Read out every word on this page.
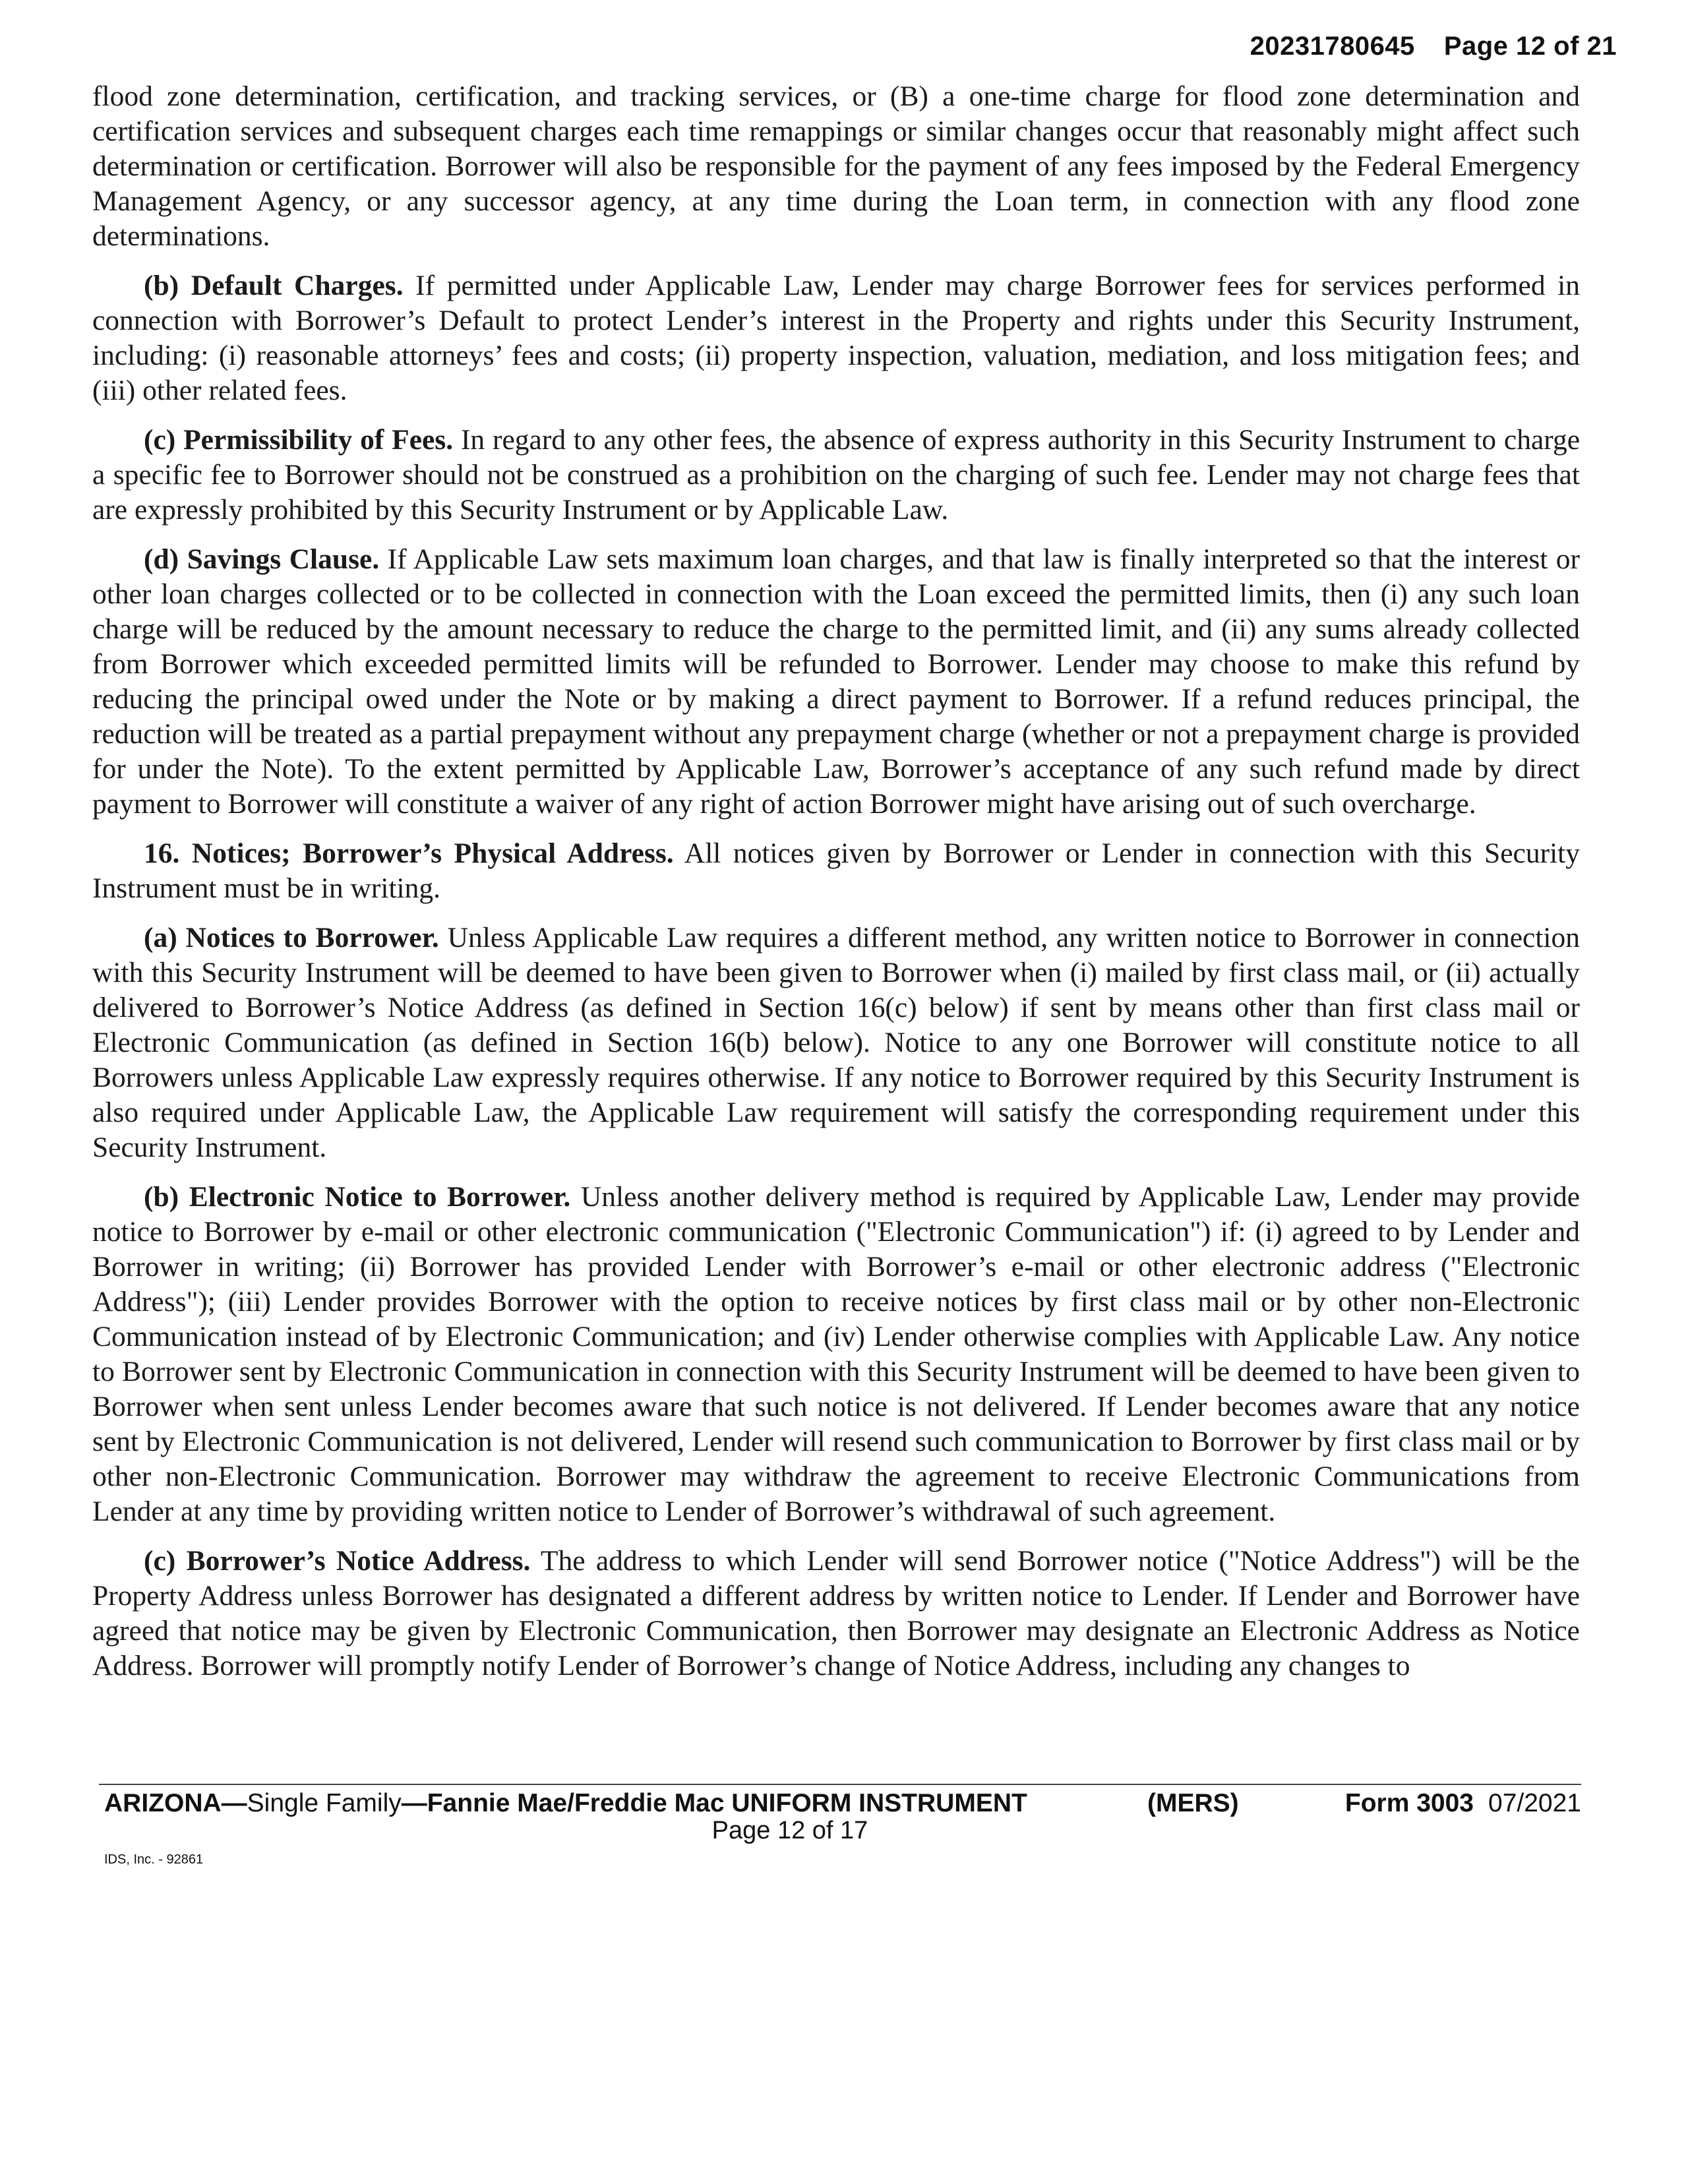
20231780645 Page 12 of 21

flood zone determination, certification, and tracking services, or (B) a one-time charge for flood zone determination and certification services and subsequent charges each time remappings or similar changes occur that reasonably might affect such determination or certification. Borrower will also be responsible for the payment of any fees imposed by the Federal Emergency Management Agency, or any successor agency, at any time during the Loan term, in connection with any flood zone determinations.

(b) Default Charges. If permitted under Applicable Law, Lender may charge Borrower fees for services performed in connection with Borrower’s Default to protect Lender’s interest in the Property and rights under this Security Instrument, including: (i) reasonable attorneys’ fees and costs; (ii) property inspection, valuation, mediation, and loss mitigation fees; and (iii) other related fees.

(c) Permissibility of Fees. In regard to any other fees, the absence of express authority in this Security Instrument to charge a specific fee to Borrower should not be construed as a prohibition on the charging of such fee. Lender may not charge fees that are expressly prohibited by this Security Instrument or by Applicable Law.

(d) Savings Clause. If Applicable Law sets maximum loan charges, and that law is finally interpreted so that the interest or other loan charges collected or to be collected in connection with the Loan exceed the permitted limits, then (i) any such loan charge will be reduced by the amount necessary to reduce the charge to the permitted limit, and (ii) any sums already collected from Borrower which exceeded permitted limits will be refunded to Borrower. Lender may choose to make this refund by reducing the principal owed under the Note or by making a direct payment to Borrower. If a refund reduces principal, the reduction will be treated as a partial prepayment without any prepayment charge (whether or not a prepayment charge is provided for under the Note). To the extent permitted by Applicable Law, Borrower’s acceptance of any such refund made by direct payment to Borrower will constitute a waiver of any right of action Borrower might have arising out of such overcharge.

16. Notices; Borrower’s Physical Address. All notices given by Borrower or Lender in connection with this Security Instrument must be in writing.

(a) Notices to Borrower. Unless Applicable Law requires a different method, any written notice to Borrower in connection with this Security Instrument will be deemed to have been given to Borrower when (i) mailed by first class mail, or (ii) actually delivered to Borrower’s Notice Address (as defined in Section 16(c) below) if sent by means other than first class mail or Electronic Communication (as defined in Section 16(b) below). Notice to any one Borrower will constitute notice to all Borrowers unless Applicable Law expressly requires otherwise. If any notice to Borrower required by this Security Instrument is also required under Applicable Law, the Applicable Law requirement will satisfy the corresponding requirement under this Security Instrument.

(b) Electronic Notice to Borrower. Unless another delivery method is required by Applicable Law, Lender may provide notice to Borrower by e-mail or other electronic communication ("Electronic Communication") if: (i) agreed to by Lender and Borrower in writing; (ii) Borrower has provided Lender with Borrower’s e-mail or other electronic address ("Electronic Address"); (iii) Lender provides Borrower with the option to receive notices by first class mail or by other non-Electronic Communication instead of by Electronic Communication; and (iv) Lender otherwise complies with Applicable Law. Any notice to Borrower sent by Electronic Communication in connection with this Security Instrument will be deemed to have been given to Borrower when sent unless Lender becomes aware that such notice is not delivered. If Lender becomes aware that any notice sent by Electronic Communication is not delivered, Lender will resend such communication to Borrower by first class mail or by other non-Electronic Communication. Borrower may withdraw the agreement to receive Electronic Communications from Lender at any time by providing written notice to Lender of Borrower’s withdrawal of such agreement.

(c) Borrower’s Notice Address. The address to which Lender will send Borrower notice ("Notice Address") will be the Property Address unless Borrower has designated a different address by written notice to Lender. If Lender and Borrower have agreed that notice may be given by Electronic Communication, then Borrower may designate an Electronic Address as Notice Address. Borrower will promptly notify Lender of Borrower’s change of Notice Address, including any changes to

ARIZONA—Single Family—Fannie Mae/Freddie Mac UNIFORM INSTRUMENT	(MERS)	Form 3003 07/2021
Page 12 of 17
IDS, Inc. - 92861
